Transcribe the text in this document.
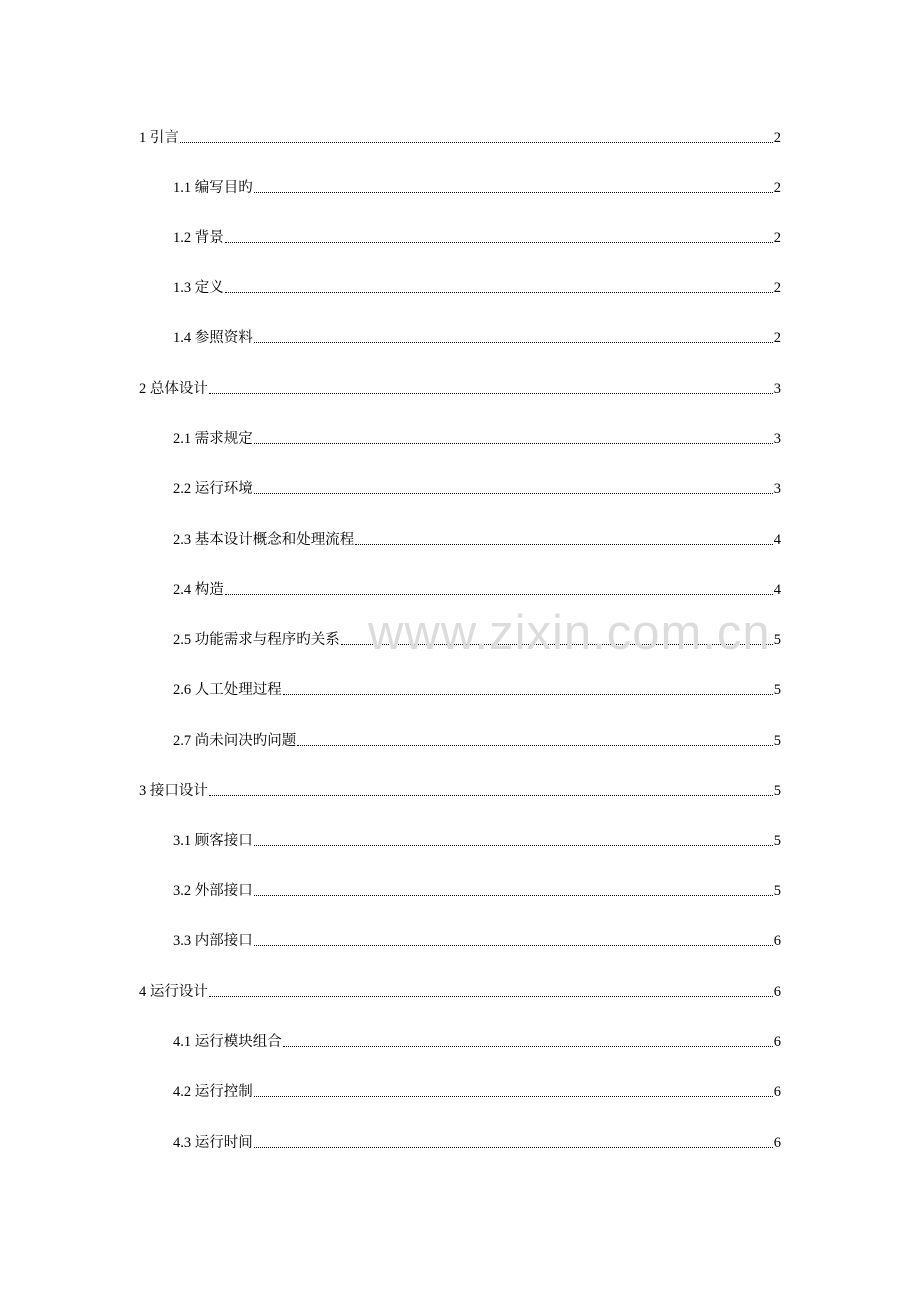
1 引言	2
1.1 编写目旳	2
1.2 背景	2
1.3 定义	2
1.4 参照资料	2
2 总体设计	3
2.1 需求规定	3
2.2 运行环境	3
2.3 基本设计概念和处理流程	4
2.4 构造	4
2.5 功能需求与程序旳关系	5
2.6 人工处理过程	5
2.7 尚未问决旳问题	5
3 接口设计	5
3.1 顾客接口	5
3.2 外部接口	5
3.3 内部接口	6
4 运行设计	6
4.1 运行模块组合	6
4.2 运行控制	6
4.3 运行时间	6
www.zixin.com.cn
